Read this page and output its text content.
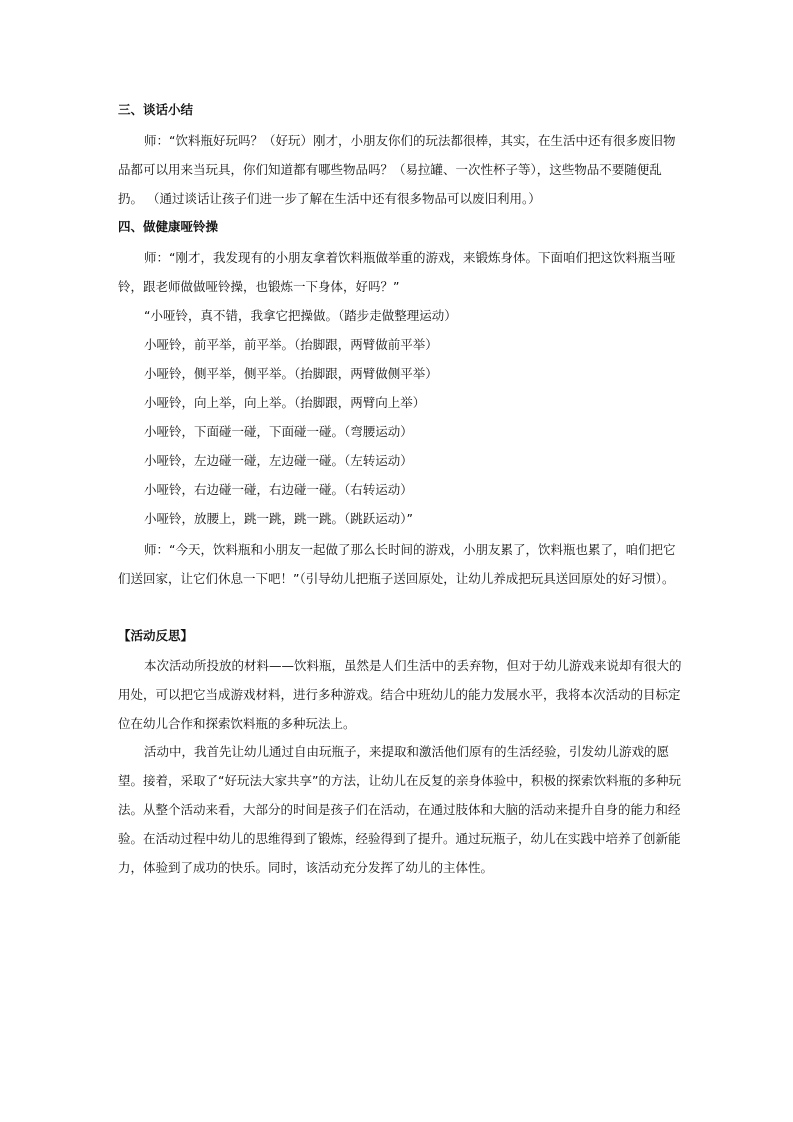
三、谈话小结

师：“饮料瓶好玩吗？（好玩）刚才，小朋友你们的玩法都很棒，其实，在生活中还有很多废旧物品都可以用来当玩具，你们知道都有哪些物品吗？（易拉罐、一次性杯子等），这些物品不要随便乱扔。 （通过谈话让孩子们进一步了解在生活中还有很多物品可以废旧利用。）

四、做健康哑铃操

师：“刚才，我发现有的小朋友拿着饮料瓶做举重的游戏，来锻炼身体。下面咱们把这饮料瓶当哑铃，跟老师做做哑铃操，也锻炼一下身体，好吗？”

“小哑铃，真不错，我拿它把操做。（踏步走做整理运动）

小哑铃，前平举，前平举。（抬脚跟，两臂做前平举）

小哑铃，侧平举，侧平举。（抬脚跟，两臂做侧平举）

小哑铃，向上举，向上举。（抬脚跟，两臂向上举）

小哑铃，下面碰一碰，下面碰一碰。（弯腰运动）

小哑铃，左边碰一碰，左边碰一碰。（左转运动）

小哑铃，右边碰一碰，右边碰一碰。（右转运动）

小哑铃，放腰上，跳一跳，跳一跳。（跳跃运动）”

师：“今天，饮料瓶和小朋友一起做了那么长时间的游戏，小朋友累了，饮料瓶也累了，咱们把它们送回家，让它们休息一下吧！”（引导幼儿把瓶子送回原处，让幼儿养成把玩具送回原处的好习惯）。

【活动反思】

本次活动所投放的材料——饮料瓶，虽然是人们生活中的丢弃物，但对于幼儿游戏来说却有很大的用处，可以把它当成游戏材料，进行多种游戏。结合中班幼儿的能力发展水平，我将本次活动的目标定位在幼儿合作和探索饮料瓶的多种玩法上。

活动中，我首先让幼儿通过自由玩瓶子，来提取和激活他们原有的生活经验，引发幼儿游戏的愿望。接着，采取了“好玩法大家共享”的方法，让幼儿在反复的亲身体验中，积极的探索饮料瓶的多种玩法。从整个活动来看，大部分的时间是孩子们在活动，在通过肢体和大脑的活动来提升自身的能力和经验。在活动过程中幼儿的思维得到了锻炼，经验得到了提升。通过玩瓶子，幼儿在实践中培养了创新能力，体验到了成功的快乐。同时，该活动充分发挥了幼儿的主体性。
